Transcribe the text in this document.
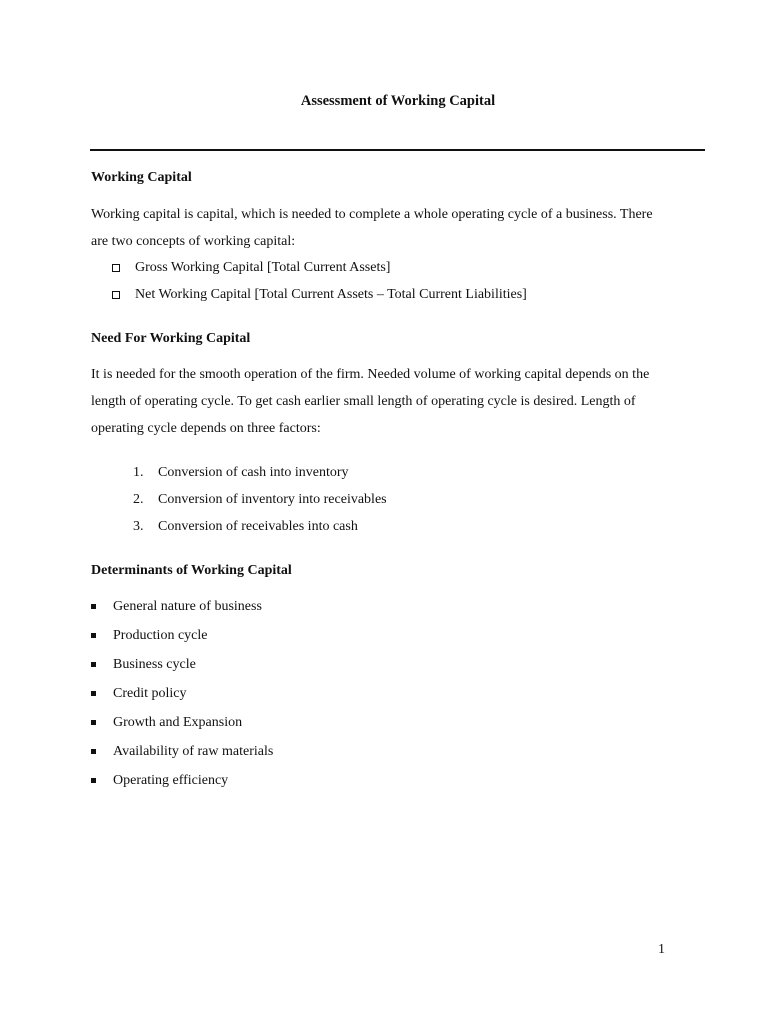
Assessment of Working Capital
Working Capital
Working capital is capital, which is needed to complete a whole operating cycle of a business. There
are two concepts of working capital:
Gross Working Capital [Total Current Assets]
Net Working Capital [Total Current Assets – Total Current Liabilities]
Need For Working Capital
It is needed for the smooth operation of the firm. Needed volume of working capital depends on the
length of operating cycle. To get cash earlier small length of operating cycle is desired. Length of
operating cycle depends on three factors:
1. Conversion of cash into inventory
2. Conversion of inventory into receivables
3. Conversion of receivables into cash
Determinants of Working Capital
General nature of business
Production cycle
Business cycle
Credit policy
Growth and Expansion
Availability of raw materials
Operating efficiency
1
